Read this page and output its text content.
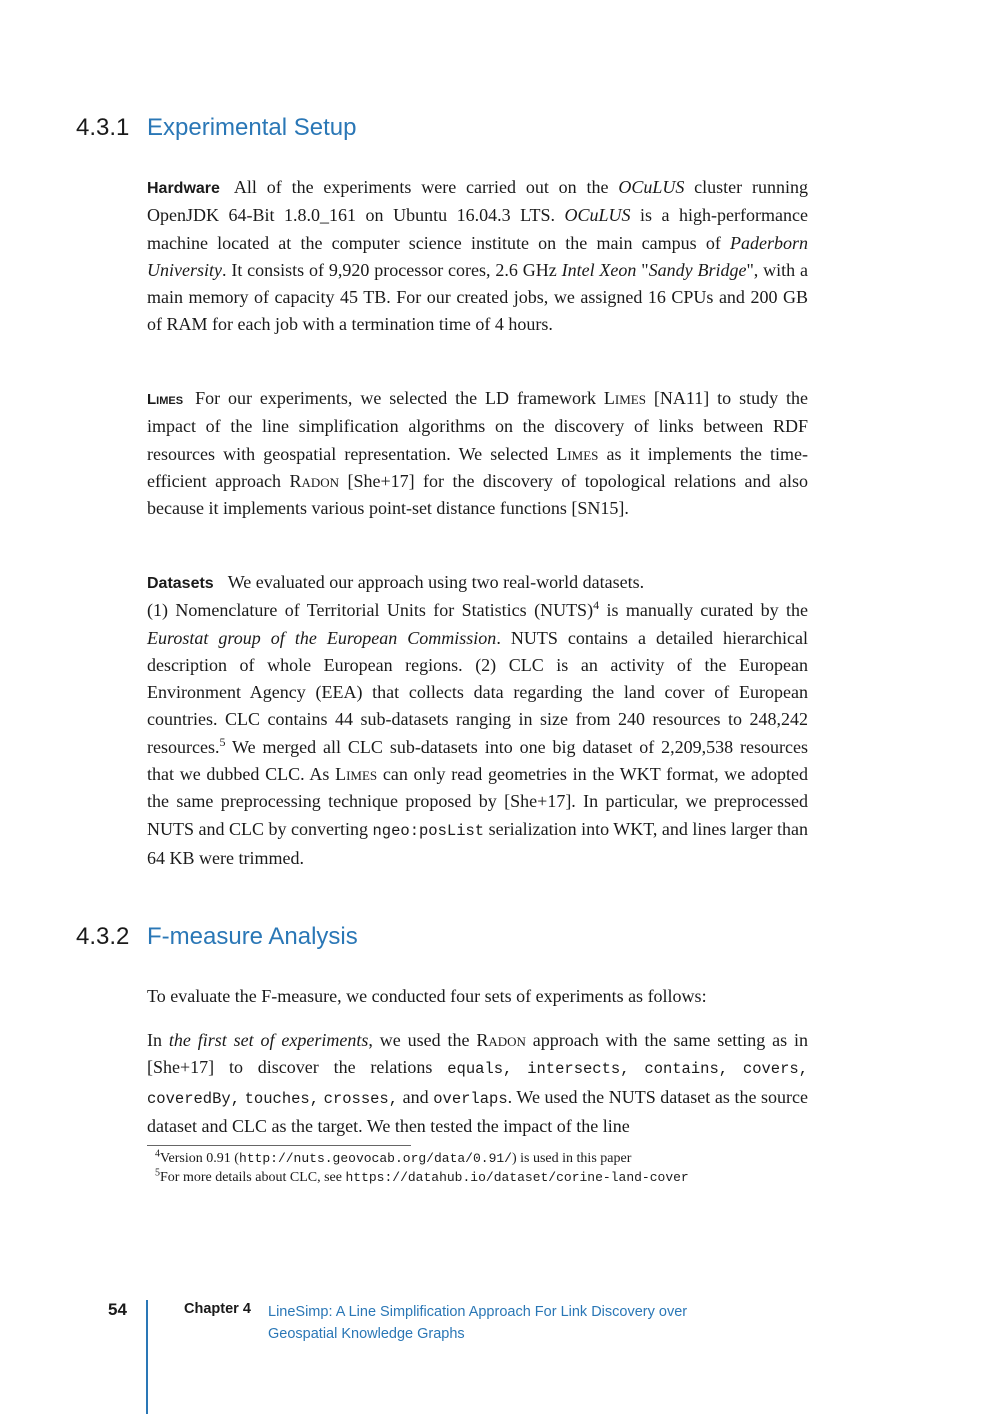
4.3.1 Experimental Setup
Hardware All of the experiments were carried out on the OCuLUS cluster running OpenJDK 64-Bit 1.8.0_161 on Ubuntu 16.04.3 LTS. OCuLUS is a high-performance machine located at the computer science institute on the main campus of Paderborn University. It consists of 9,920 processor cores, 2.6 GHz Intel Xeon "Sandy Bridge", with a main memory of capacity 45 TB. For our created jobs, we assigned 16 CPUs and 200 GB of RAM for each job with a termination time of 4 hours.
Limes For our experiments, we selected the LD framework Limes [NA11] to study the impact of the line simplification algorithms on the discovery of links between RDF resources with geospatial representation. We selected Limes as it implements the time-efficient approach Radon [She+17] for the discovery of topological relations and also because it implements various point-set distance functions [SN15].
Datasets We evaluated our approach using two real-world datasets.
(1) Nomenclature of Territorial Units for Statistics (NUTS)$^4$ is manually curated by the Eurostat group of the European Commission. NUTS contains a detailed hierarchical description of whole European regions. (2) CLC is an activity of the European Environment Agency (EEA) that collects data regarding the land cover of European countries. CLC contains 44 sub-datasets ranging in size from 240 resources to 248,242 resources.$^5$ We merged all CLC sub-datasets into one big dataset of 2,209,538 resources that we dubbed CLC. As Limes can only read geometries in the WKT format, we adopted the same preprocessing technique proposed by [She+17]. In particular, we preprocessed NUTS and CLC by converting ngeo:posList serialization into WKT, and lines larger than 64 KB were trimmed.
4.3.2 F-measure Analysis
To evaluate the F-measure, we conducted four sets of experiments as follows:
In the first set of experiments, we used the Radon approach with the same setting as in [She+17] to discover the relations equals, intersects, contains, covers, coveredBy, touches, crosses, and overlaps. We used the NUTS dataset as the source dataset and CLC as the target. We then tested the impact of the line
$^4$Version 0.91 (http://nuts.geovocab.org/data/0.91/) is used in this paper
$^5$For more details about CLC, see https://datahub.io/dataset/corine-land-cover
54	Chapter 4 LineSimp: A Line Simplification Approach For Link Discovery over Geospatial Knowledge Graphs
